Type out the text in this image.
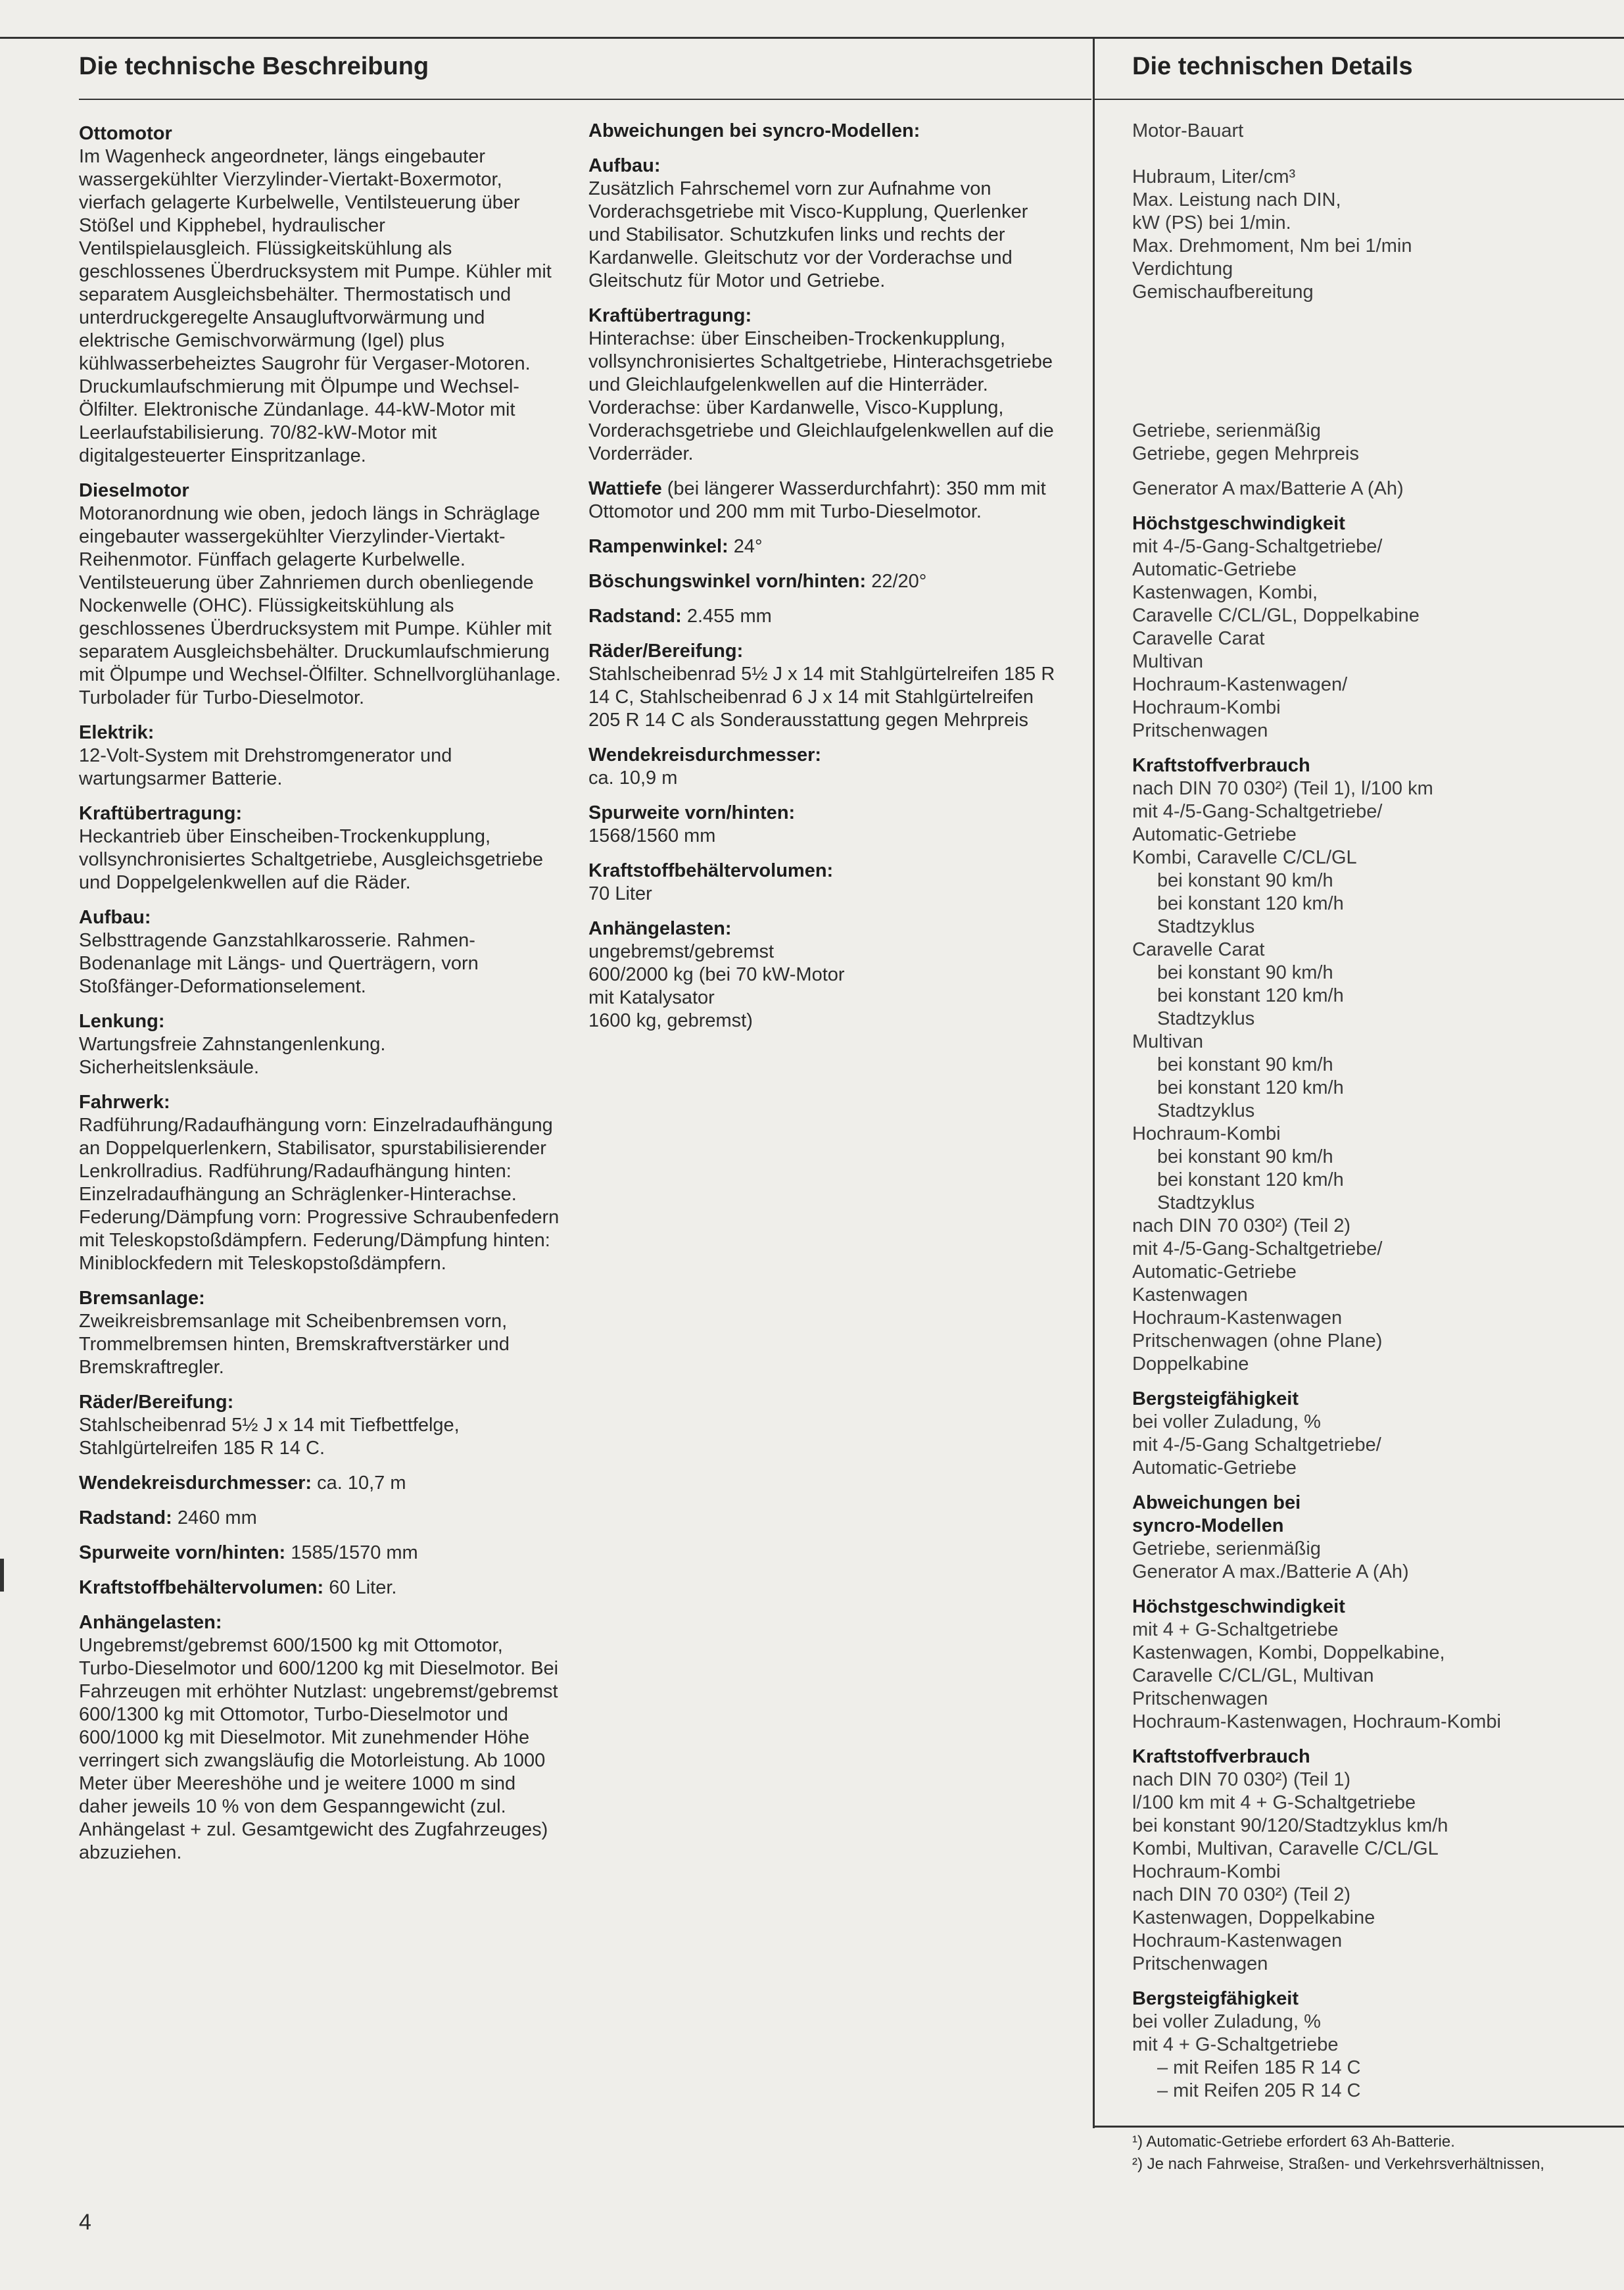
Die technische Beschreibung	Die technischen Details
Ottomotor
Im Wagenheck angeordneter, längs eingebauter wassergekühlter Vierzylinder-Viertakt-Boxermotor, vierfach gelagerte Kurbelwelle, Ventilsteuerung über Stößel und Kipphebel, hydraulischer Ventilspielausgleich. Flüssigkeitskühlung als geschlossenes Überdrucksystem mit Pumpe. Kühler mit separatem Ausgleichsbehälter. Thermostatisch und unterdruckgeregelte Ansaugluftvorwärmung und elektrische Gemischvorwärmung (Igel) plus kühlwasserbeheiztes Saugrohr für Vergaser-Motoren. Druckumlaufschmierung mit Ölpumpe und Wechsel-Ölfilter. Elektronische Zündanlage. 44-kW-Motor mit Leerlaufstabilisierung. 70/82-kW-Motor mit digitalgesteuerter Einspritzanlage.
Dieselmotor
Motoranordnung wie oben, jedoch längs in Schräglage eingebauter wassergekühlter Vierzylinder-Viertakt-Reihenmotor. Fünffach gelagerte Kurbelwelle. Ventilsteuerung über Zahnriemen durch obenliegende Nockenwelle (OHC). Flüssigkeitskühlung als geschlossenes Überdrucksystem mit Pumpe. Kühler mit separatem Ausgleichsbehälter. Druckumlaufschmierung mit Ölpumpe und Wechsel-Ölfilter. Schnellvorglühanlage. Turbolader für Turbo-Dieselmotor.
Elektrik:
12-Volt-System mit Drehstromgenerator und wartungsarmer Batterie.
Kraftübertragung:
Heckantrieb über Einscheiben-Trockenkupplung, vollsynchronisiertes Schaltgetriebe, Ausgleichsgetriebe und Doppelgelenkwellen auf die Räder.
Aufbau:
Selbsttragende Ganzstahlkarosserie. Rahmen-Bodenanlage mit Längs- und Querträgern, vorn Stoßfänger-Deformationselement.
Lenkung:
Wartungsfreie Zahnstangenlenkung. Sicherheitslenksäule.
Fahrwerk:
Radführung/Radaufhängung vorn: Einzelradaufhängung an Doppelquerlenkern, Stabilisator, spurstabilisierender Lenkrollradius. Radführung/Radaufhängung hinten: Einzelradaufhängung an Schräglenker-Hinterachse. Federung/Dämpfung vorn: Progressive Schraubenfedern mit Teleskopstoßdämpfern. Federung/Dämpfung hinten: Miniblockfedern mit Teleskopstoßdämpfern.
Bremsanlage:
Zweikreisbremsanlage mit Scheibenbremsen vorn, Trommelbremsen hinten, Bremskraftverstärker und Bremskraftregler.
Räder/Bereifung:
Stahlscheibenrad 5½ J x 14 mit Tiefbettfelge, Stahlgürtelreifen 185 R 14 C.
Wendekreisdurchmesser: ca. 10,7 m
Radstand: 2460 mm
Spurweite vorn/hinten: 1585/1570 mm
Kraftstoffbehältervolumen: 60 Liter.
Anhängelasten:
Ungebremst/gebremst 600/1500 kg mit Ottomotor, Turbo-Dieselmotor und 600/1200 kg mit Dieselmotor. Bei Fahrzeugen mit erhöhter Nutzlast: ungebremst/gebremst 600/1300 kg mit Ottomotor, Turbo-Dieselmotor und 600/1000 kg mit Dieselmotor. Mit zunehmender Höhe verringert sich zwangsläufig die Motorleistung. Ab 1000 Meter über Meereshöhe und je weitere 1000 m sind daher jeweils 10 % von dem Gespanngewicht (zul. Anhängelast + zul. Gesamtgewicht des Zugfahrzeuges) abzuziehen.
Abweichungen bei syncro-Modellen:
Aufbau:
Zusätzlich Fahrschemel vorn zur Aufnahme von Vorderachsgetriebe mit Visco-Kupplung, Querlenker und Stabilisator. Schutzkufen links und rechts der Kardanwelle. Gleitschutz vor der Vorderachse und Gleitschutz für Motor und Getriebe.
Kraftübertragung:
Hinterachse: über Einscheiben-Trockenkupplung, vollsynchronisiertes Schaltgetriebe, Hinterachsgetriebe und Gleichlaufgelenkwellen auf die Hinterräder. Vorderachse: über Kardanwelle, Visco-Kupplung, Vorderachsgetriebe und Gleichlaufgelenkwellen auf die Vorderräder.
Wattiefe (bei längerer Wasserdurchfahrt): 350 mm mit Ottomotor und 200 mm mit Turbo-Dieselmotor.
Rampenwinkel: 24°
Böschungswinkel vorn/hinten: 22/20°
Radstand: 2.455 mm
Räder/Bereifung:
Stahlscheibenrad 5½ J x 14 mit Stahlgürtelreifen 185 R 14 C, Stahlscheibenrad 6 J x 14 mit Stahlgürtelreifen 205 R 14 C als Sonderausstattung gegen Mehrpreis
Wendekreisdurchmesser:
ca. 10,9 m
Spurweite vorn/hinten:
1568/1560 mm
Kraftstoffbehältervolumen:
70 Liter
Anhängelasten:
ungebremst/gebremst
600/2000 kg (bei 70 kW-Motor
mit Katalysator
1600 kg, gebremst)
Motor-Bauart
Hubraum, Liter/cm³
Max. Leistung nach DIN,
kW (PS) bei 1/min.
Max. Drehmoment, Nm bei 1/min
Verdichtung
Gemischaufbereitung
Getriebe, serienmäßig
Getriebe, gegen Mehrpreis
Generator A max/Batterie A (Ah)
Höchstgeschwindigkeit
mit 4-/5-Gang-Schaltgetriebe/
Automatic-Getriebe
Kastenwagen, Kombi,
Caravelle C/CL/GL, Doppelkabine
Caravelle Carat
Multivan
Hochraum-Kastenwagen/
Hochraum-Kombi
Pritschenwagen
Kraftstoffverbrauch
nach DIN 70 030²) (Teil 1), l/100 km
mit 4-/5-Gang-Schaltgetriebe/
Automatic-Getriebe
Kombi, Caravelle C/CL/GL
bei konstant 90 km/h
bei konstant 120 km/h
Stadtzyklus
Caravelle Carat
bei konstant 90 km/h
bei konstant 120 km/h
Stadtzyklus
Multivan
bei konstant 90 km/h
bei konstant 120 km/h
Stadtzyklus
Hochraum-Kombi
bei konstant 90 km/h
bei konstant 120 km/h
Stadtzyklus
nach DIN 70 030²) (Teil 2)
mit 4-/5-Gang-Schaltgetriebe/
Automatic-Getriebe
Kastenwagen
Hochraum-Kastenwagen
Pritschenwagen (ohne Plane)
Doppelkabine
Bergsteigfähigkeit
bei voller Zuladung, %
mit 4-/5-Gang Schaltgetriebe/
Automatic-Getriebe
Abweichungen bei
syncro-Modellen
Getriebe, serienmäßig
Generator A max./Batterie A (Ah)
Höchstgeschwindigkeit
mit 4 + G-Schaltgetriebe
Kastenwagen, Kombi, Doppelkabine,
Caravelle C/CL/GL, Multivan
Pritschenwagen
Hochraum-Kastenwagen, Hochraum-Kombi
Kraftstoffverbrauch
nach DIN 70 030²) (Teil 1)
l/100 km mit 4 + G-Schaltgetriebe
bei konstant 90/120/Stadtzyklus km/h
Kombi, Multivan, Caravelle C/CL/GL
Hochraum-Kombi
nach DIN 70 030²) (Teil 2)
Kastenwagen, Doppelkabine
Hochraum-Kastenwagen
Pritschenwagen
Bergsteigfähigkeit
bei voller Zuladung, %
mit 4 + G-Schaltgetriebe
– mit Reifen 185 R 14 C
– mit Reifen 205 R 14 C
¹) Automatic-Getriebe erfordert 63 Ah-Batterie.
²) Je nach Fahrweise, Straßen- und Verkehrsverhältnissen,
4
